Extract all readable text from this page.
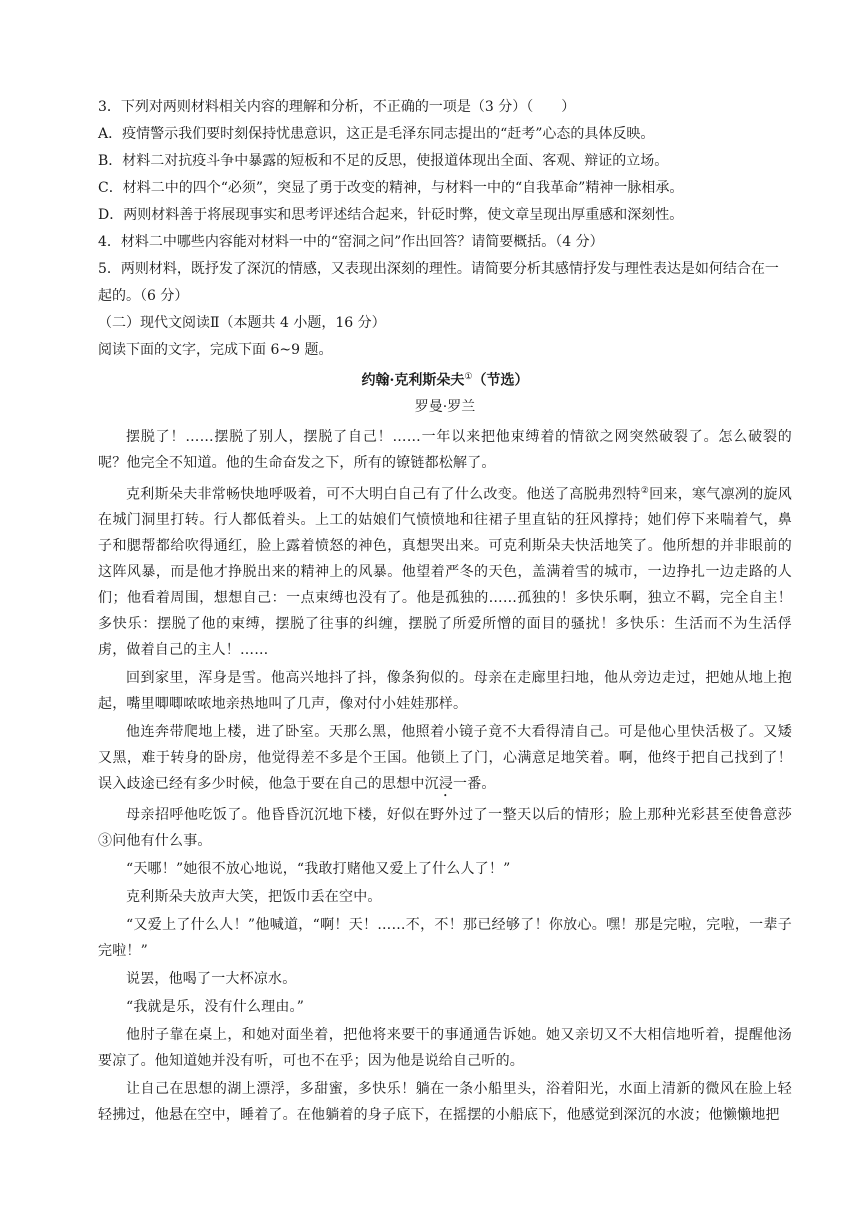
3．下列对两则材料相关内容的理解和分析，不正确的一项是（3 分）（　　）

A．疫情警示我们要时刻保持忧患意识，这正是毛泽东同志提出的“赶考”心态的具体反映。

B．材料二对抗疫斗争中暴露的短板和不足的反思，使报道体现出全面、客观、辩证的立场。

C．材料二中的四个“必须”，突显了勇于改变的精神，与材料一中的“自我革命”精神一脉相承。

D．两则材料善于将展现事实和思考评述结合起来，针砭时弊，使文章呈现出厚重感和深刻性。

4．材料二中哪些内容能对材料一中的“窑洞之问”作出回答？请简要概括。（4 分）

5．两则材料，既抒发了深沉的情感，又表现出深刻的理性。请简要分析其感情抒发与理性表达是如何结合在一起的。（6 分）

（二）现代文阅读Ⅱ（本题共 4 小题，16 分）

阅读下面的文字，完成下面 6~9 题。

约翰·克利斯朵夫①（节选）

罗曼·罗兰

摆脱了！……摆脱了别人，摆脱了自己！……一年以来把他束缚着的情欲之网突然破裂了。怎么破裂的呢？他完全不知道。他的生命奋发之下，所有的镣链都松解了。

克利斯朵夫非常畅快地呼吸着，可不大明白自己有了什么改变。他送了高脱弗烈特②回来，寒气凛冽的旋风在城门洞里打转。行人都低着头。上工的姑娘们气愤愤地和往裙子里直钻的狂风撑持；她们停下来喘着气，鼻子和腮帮都给吹得通红，脸上露着愤怒的神色，真想哭出来。可克利斯朵夫快活地笑了。他所想的并非眼前的这阵风暴，而是他才挣脱出来的精神上的风暴。他望着严冬的天色，盖满着雪的城市，一边挣扎一边走路的人们；他看着周围，想想自己：一点束缚也没有了。他是孤独的……孤独的！多快乐啊，独立不羁，完全自主！多快乐：摆脱了他的束缚，摆脱了往事的纠缠，摆脱了所爱所憎的面目的骚扰！多快乐：生活而不为生活俘虏，做着自己的主人！……

回到家里，浑身是雪。他高兴地抖了抖，像条狗似的。母亲在走廊里扫地，他从旁边走过，把她从地上抱起，嘴里唧唧哝哝地亲热地叫了几声，像对付小娃娃那样。

他连奔带爬地上楼，进了卧室。天那么黑，他照着小镜子竟不大看得清自己。可是他心里快活极了。又矮又黑，难于转身的卧房，他觉得差不多是个王国。他锁上了门，心满意足地笑着。啊，他终于把自己找到了！误入歧途已经有多少时候，他急于要在自己的思想中沉浸一番。

母亲招呼他吃饭了。他昏昏沉沉地下楼，好似在野外过了一整天以后的情形；脸上那种光彩甚至使鲁意莎③问他有什么事。

“天哪！”她很不放心地说，“我敢打赌他又爱上了什么人了！”

克利斯朵夫放声大笑，把饭巾丢在空中。

“又爱上了什么人！”他喊道，“啊！天！……不，不！那已经够了！你放心。嘿！那是完啦，完啦，一辈子完啦！”

说罢，他喝了一大杯凉水。

“我就是乐，没有什么理由。”

他肘子靠在桌上，和她对面坐着，把他将来要干的事通通告诉她。她又亲切又不大相信地听着，提醒他汤要凉了。他知道她并没有听，可也不在乎；因为他是说给自己听的。

让自己在思想的湖上漂浮，多甜蜜，多快乐！躺在一条小船里头，浴着阳光，水面上清新的微风在脸上轻轻拂过，他悬在空中，睡着了。在他躺着的身子底下，在摇摆的小船底下，他感觉到深沉的水波；他懒懒地把
